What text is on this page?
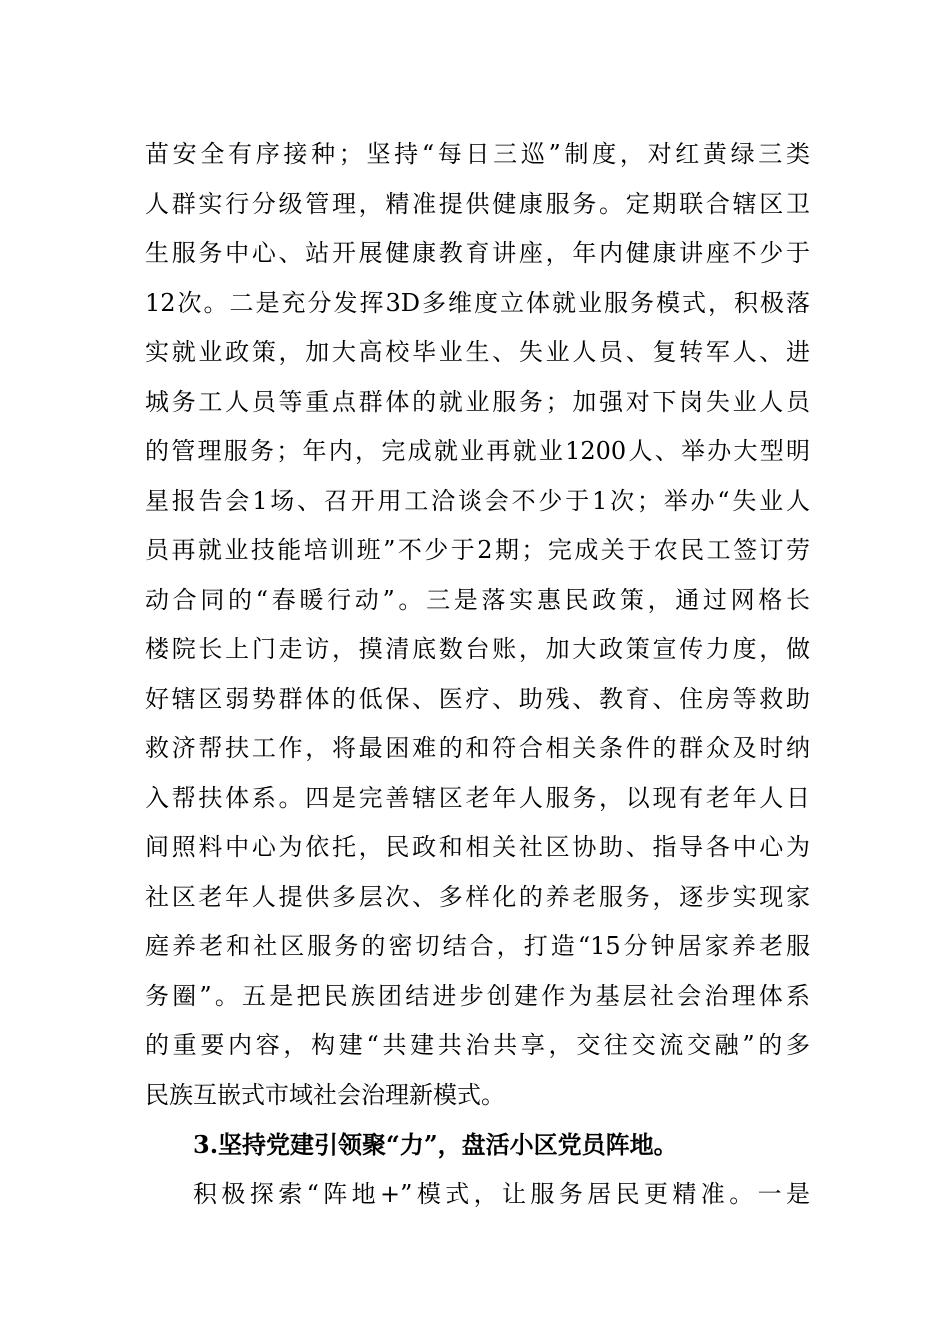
苗安全有序接种；坚持“每日三巡”制度，对红黄绿三类
人群实行分级管理，精准提供健康服务。定期联合辖区卫
生服务中心、站开展健康教育讲座，年内健康讲座不少于
12次。二是充分发挥3D多维度立体就业服务模式，积极落
实就业政策，加大高校毕业生、失业人员、复转军人、进
城务工人员等重点群体的就业服务；加强对下岗失业人员
的管理服务；年内，完成就业再就业1200人、举办大型明
星报告会1场、召开用工洽谈会不少于1次；举办“失业人
员再就业技能培训班”不少于2期；完成关于农民工签订劳
动合同的“春暖行动”。三是落实惠民政策，通过网格长
楼院长上门走访，摸清底数台账，加大政策宣传力度，做
好辖区弱势群体的低保、医疗、助残、教育、住房等救助
救济帮扶工作，将最困难的和符合相关条件的群众及时纳
入帮扶体系。四是完善辖区老年人服务，以现有老年人日
间照料中心为依托，民政和相关社区协助、指导各中心为
社区老年人提供多层次、多样化的养老服务，逐步实现家
庭养老和社区服务的密切结合，打造“15分钟居家养老服
务圈”。五是把民族团结进步创建作为基层社会治理体系
的重要内容，构建“共建共治共享，交往交流交融”的多
民族互嵌式市域社会治理新模式。
3.坚持党建引领聚“力”，盘活小区党员阵地。
积极探索“阵地+”模式，让服务居民更精准。一是
